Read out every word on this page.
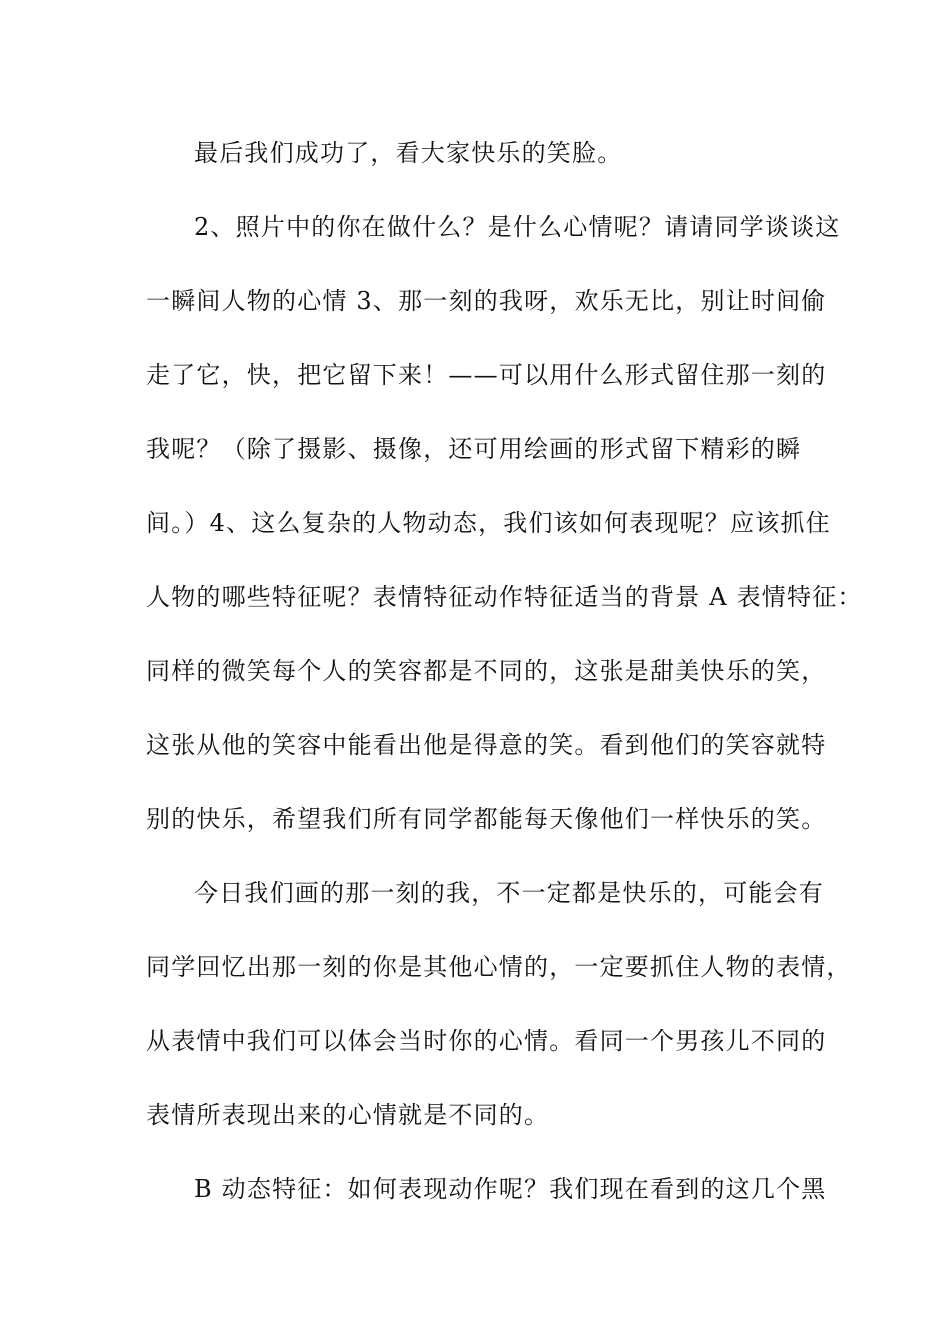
最后我们成功了，看大家快乐的笑脸。
2、照片中的你在做什么？是什么心情呢？请请同学谈谈这
一瞬间人物的心情 3、那一刻的我呀，欢乐无比，别让时间偷
走了它，快，把它留下来！——可以用什么形式留住那一刻的
我呢？（除了摄影、摄像，还可用绘画的形式留下精彩的瞬
间。）4、这么复杂的人物动态，我们该如何表现呢？应该抓住
人物的哪些特征呢？表情特征动作特征适当的背景 A 表情特征：
同样的微笑每个人的笑容都是不同的，这张是甜美快乐的笑，
这张从他的笑容中能看出他是得意的笑。看到他们的笑容就特
别的快乐，希望我们所有同学都能每天像他们一样快乐的笑。
今日我们画的那一刻的我，不一定都是快乐的，可能会有
同学回忆出那一刻的你是其他心情的，一定要抓住人物的表情，
从表情中我们可以体会当时你的心情。看同一个男孩儿不同的
表情所表现出来的心情就是不同的。
B 动态特征：如何表现动作呢？我们现在看到的这几个黑
